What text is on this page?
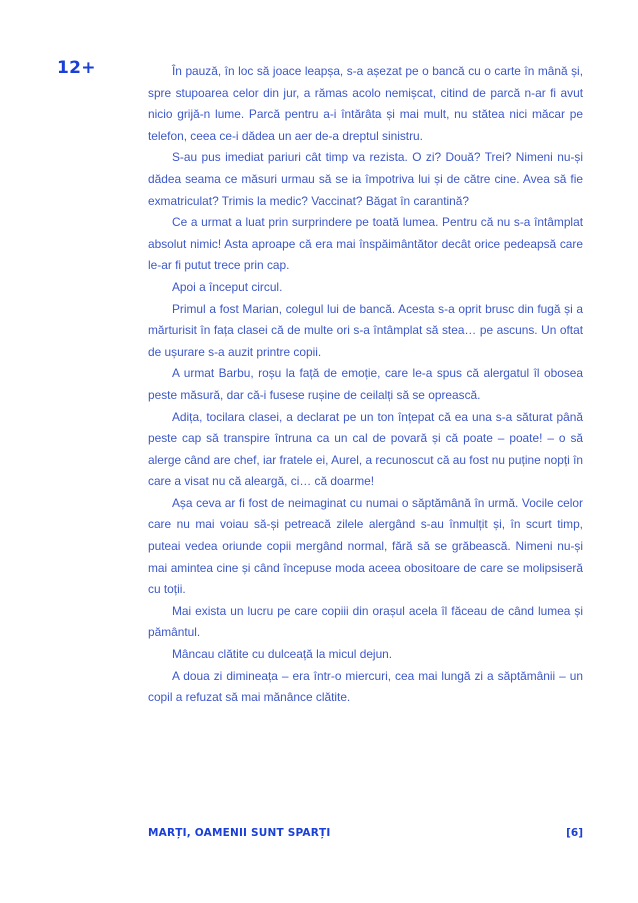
12+	În pauză, în loc să joace leapșa, s-a așezat pe o bancă cu o carte în mână și, spre stupoarea celor din jur, a rămas acolo nemișcat, citind de parcă n-ar fi avut nicio grijă-n lume. Parcă pentru a-i întărâta și mai mult, nu stătea nici măcar pe telefon, ceea ce-i dădea un aer de-a dreptul sinistru.

S-au pus imediat pariuri cât timp va rezista. O zi? Două? Trei? Nimeni nu-și dădea seama ce măsuri urmau să se ia împotriva lui și de către cine. Avea să fie exmatriculat? Trimis la medic? Vaccinat? Băgat în carantină?

Ce a urmat a luat prin surprindere pe toată lumea. Pentru că nu s-a întâmplat absolut nimic! Asta aproape că era mai înspăimântător decât orice pedeapsă care le-ar fi putut trece prin cap.

Apoi a început circul.

Primul a fost Marian, colegul lui de bancă. Acesta s-a oprit brusc din fugă și a mărturisit în fața clasei că de multe ori s-a întâmplat să stea… pe ascuns. Un oftat de ușurare s-a auzit printre copii.

A urmat Barbu, roșu la față de emoție, care le-a spus că alergatul îl obosea peste măsură, dar că-i fusese rușine de ceilalți să se oprească.

Adița, tocilara clasei, a declarat pe un ton înțepat că ea una s-a săturat până peste cap să transpire întruna ca un cal de povară și că poate – poate! – o să alerge când are chef, iar fratele ei, Aurel, a recunoscut că au fost nu puține nopți în care a visat nu că aleargă, ci… că doarme!

Așa ceva ar fi fost de neimaginat cu numai o săptămână în urmă. Vocile celor care nu mai voiau să-și petreacă zilele alergând s-au înmulțit și, în scurt timp, puteai vedea oriunde copii mergând normal, fără să se grăbească. Nimeni nu-și mai amintea cine și când începuse moda aceea obositoare de care se molipsiseră cu toții.

Mai exista un lucru pe care copiii din orașul acela îl făceau de când lumea și pământul.

Mâncau clătite cu dulceață la micul dejun.

A doua zi dimineața – era într-o miercuri, cea mai lungă zi a săptămânii – un copil a refuzat să mai mănânce clătite.

MARȚI, OAMENII SUNT SPARȚI	[6]
